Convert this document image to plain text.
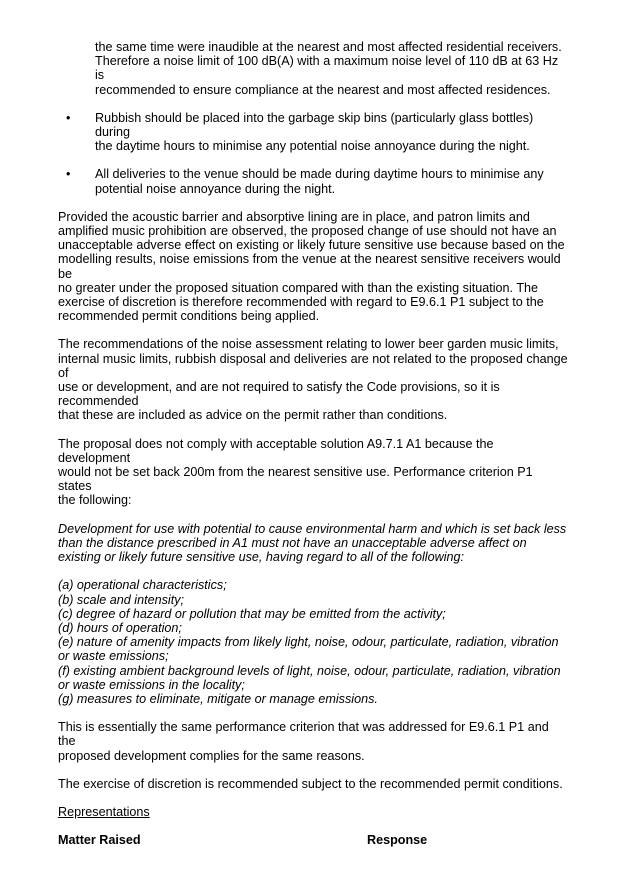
the same time were inaudible at the nearest and most affected residential receivers.
Therefore a noise limit of 100 dB(A) with a maximum noise level of 110 dB at 63 Hz is
recommended to ensure compliance at the nearest and most affected residences.

• Rubbish should be placed into the garbage skip bins (particularly glass bottles) during
the daytime hours to minimise any potential noise annoyance during the night.
• All deliveries to the venue should be made during daytime hours to minimise any
potential noise annoyance during the night.

Provided the acoustic barrier and absorptive lining are in place, and patron limits and
amplified music prohibition are observed, the proposed change of use should not have an
unacceptable adverse effect on existing or likely future sensitive use because based on the
modelling results, noise emissions from the venue at the nearest sensitive receivers would be
no greater under the proposed situation compared with than the existing situation. The
exercise of discretion is therefore recommended with regard to E9.6.1 P1 subject to the
recommended permit conditions being applied.

The recommendations of the noise assessment relating to lower beer garden music limits,
internal music limits, rubbish disposal and deliveries are not related to the proposed change of
use or development, and are not required to satisfy the Code provisions, so it is recommended
that these are included as advice on the permit rather than conditions.

The proposal does not comply with acceptable solution A9.7.1 A1 because the development
would not be set back 200m from the nearest sensitive use. Performance criterion P1 states
the following:

Development for use with potential to cause environmental harm and which is set back less
than the distance prescribed in A1 must not have an unacceptable adverse affect on
existing or likely future sensitive use, having regard to all of the following:

(a) operational characteristics;
(b) scale and intensity;
(c) degree of hazard or pollution that may be emitted from the activity;
(d) hours of operation;
(e) nature of amenity impacts from likely light, noise, odour, particulate, radiation, vibration
or waste emissions;
(f) existing ambient background levels of light, noise, odour, particulate, radiation, vibration
or waste emissions in the locality;
(g) measures to eliminate, mitigate or manage emissions.

This is essentially the same performance criterion that was addressed for E9.6.1 P1 and the
proposed development complies for the same reasons.

The exercise of discretion is recommended subject to the recommended permit conditions.

Representations

Matter Raised	Response
